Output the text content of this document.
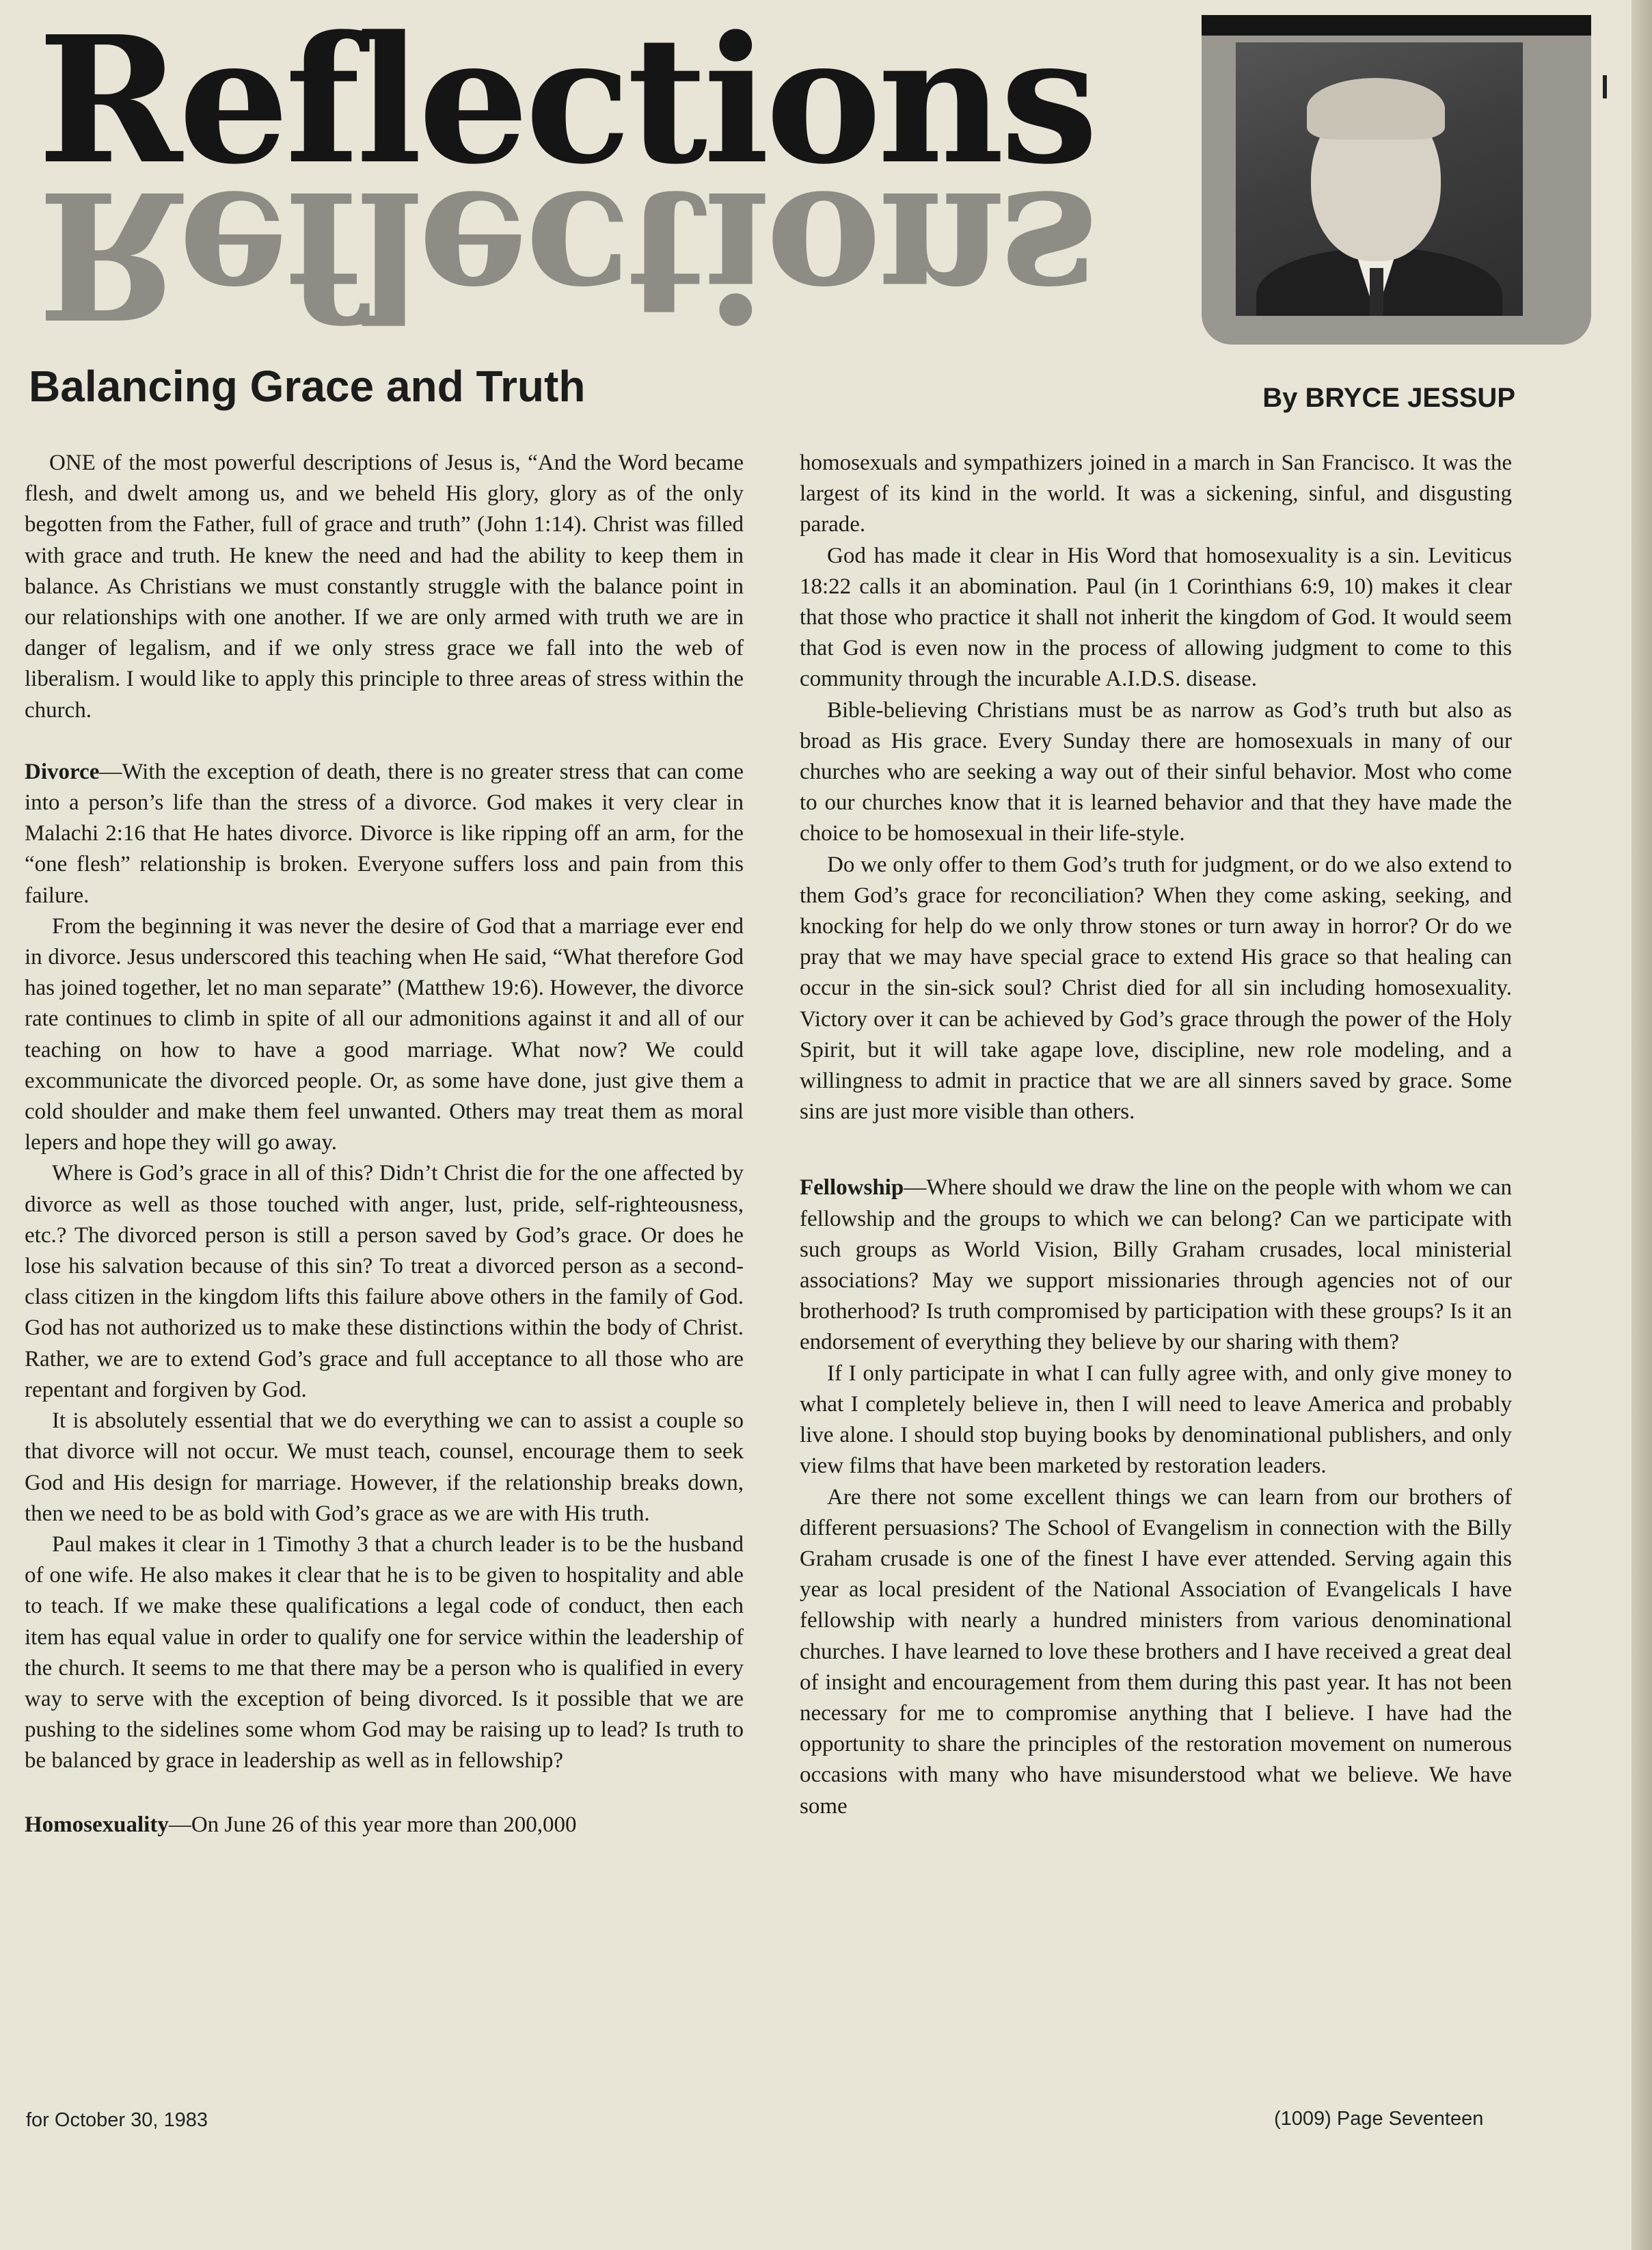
Reflections
Reflections
Balancing Grace and Truth	By BRYCE JESSUP

ONE of the most powerful descriptions of Jesus is, “And the Word became flesh, and dwelt among us, and we beheld His glory, glory as of the only begotten from the Father, full of grace and truth” (John 1:14). Christ was filled with grace and truth. He knew the need and had the ability to keep them in balance. As Christians we must constantly struggle with the balance point in our relationships with one another. If we are only armed with truth we are in danger of legalism, and if we only stress grace we fall into the web of liberalism. I would like to apply this principle to three areas of stress within the church.

Divorce—With the exception of death, there is no greater stress that can come into a person’s life than the stress of a divorce. God makes it very clear in Malachi 2:16 that He hates divorce. Divorce is like ripping off an arm, for the “one flesh” relationship is broken. Everyone suffers loss and pain from this failure.

From the beginning it was never the desire of God that a marriage ever end in divorce. Jesus underscored this teaching when He said, “What therefore God has joined together, let no man separate” (Matthew 19:6). However, the divorce rate continues to climb in spite of all our admonitions against it and all of our teaching on how to have a good marriage. What now? We could excommunicate the divorced people. Or, as some have done, just give them a cold shoulder and make them feel unwanted. Others may treat them as moral lepers and hope they will go away.

Where is God’s grace in all of this? Didn’t Christ die for the one affected by divorce as well as those touched with anger, lust, pride, self-righteousness, etc.? The divorced person is still a person saved by God’s grace. Or does he lose his salvation because of this sin? To treat a divorced person as a second-class citizen in the kingdom lifts this failure above others in the family of God. God has not authorized us to make these distinctions within the body of Christ. Rather, we are to extend God’s grace and full acceptance to all those who are repentant and forgiven by God.

It is absolutely essential that we do everything we can to assist a couple so that divorce will not occur. We must teach, counsel, encourage them to seek God and His design for marriage. However, if the relationship breaks down, then we need to be as bold with God’s grace as we are with His truth.

Paul makes it clear in 1 Timothy 3 that a church leader is to be the husband of one wife. He also makes it clear that he is to be given to hospitality and able to teach. If we make these qualifications a legal code of conduct, then each item has equal value in order to qualify one for service within the leadership of the church. It seems to me that there may be a person who is qualified in every way to serve with the exception of being divorced. Is it possible that we are pushing to the sidelines some whom God may be raising up to lead? Is truth to be balanced by grace in leadership as well as in fellowship?

Homosexuality—On June 26 of this year more than 200,000

homosexuals and sympathizers joined in a march in San Francisco. It was the largest of its kind in the world. It was a sickening, sinful, and disgusting parade.

God has made it clear in His Word that homosexuality is a sin. Leviticus 18:22 calls it an abomination. Paul (in 1 Corinthians 6:9, 10) makes it clear that those who practice it shall not inherit the kingdom of God. It would seem that God is even now in the process of allowing judgment to come to this community through the incurable A.I.D.S. disease.

Bible-believing Christians must be as narrow as God’s truth but also as broad as His grace. Every Sunday there are homosexuals in many of our churches who are seeking a way out of their sinful behavior. Most who come to our churches know that it is learned behavior and that they have made the choice to be homosexual in their life-style.

Do we only offer to them God’s truth for judgment, or do we also extend to them God’s grace for reconciliation? When they come asking, seeking, and knocking for help do we only throw stones or turn away in horror? Or do we pray that we may have special grace to extend His grace so that healing can occur in the sin-sick soul? Christ died for all sin including homosexuality. Victory over it can be achieved by God’s grace through the power of the Holy Spirit, but it will take agape love, discipline, new role modeling, and a willingness to admit in practice that we are all sinners saved by grace. Some sins are just more visible than others.

Fellowship—Where should we draw the line on the people with whom we can fellowship and the groups to which we can belong? Can we participate with such groups as World Vision, Billy Graham crusades, local ministerial associations? May we support missionaries through agencies not of our brotherhood? Is truth compromised by participation with these groups? Is it an endorsement of everything they believe by our sharing with them?

If I only participate in what I can fully agree with, and only give money to what I completely believe in, then I will need to leave America and probably live alone. I should stop buying books by denominational publishers, and only view films that have been marketed by restoration leaders.

Are there not some excellent things we can learn from our brothers of different persuasions? The School of Evangelism in connection with the Billy Graham crusade is one of the finest I have ever attended. Serving again this year as local president of the National Association of Evangelicals I have fellowship with nearly a hundred ministers from various denominational churches. I have learned to love these brothers and I have received a great deal of insight and encouragement from them during this past year. It has not been necessary for me to compromise anything that I believe. I have had the opportunity to share the principles of the restoration movement on numerous occasions with many who have misunderstood what we believe. We have some

for October 30, 1983	(1009) Page Seventeen
